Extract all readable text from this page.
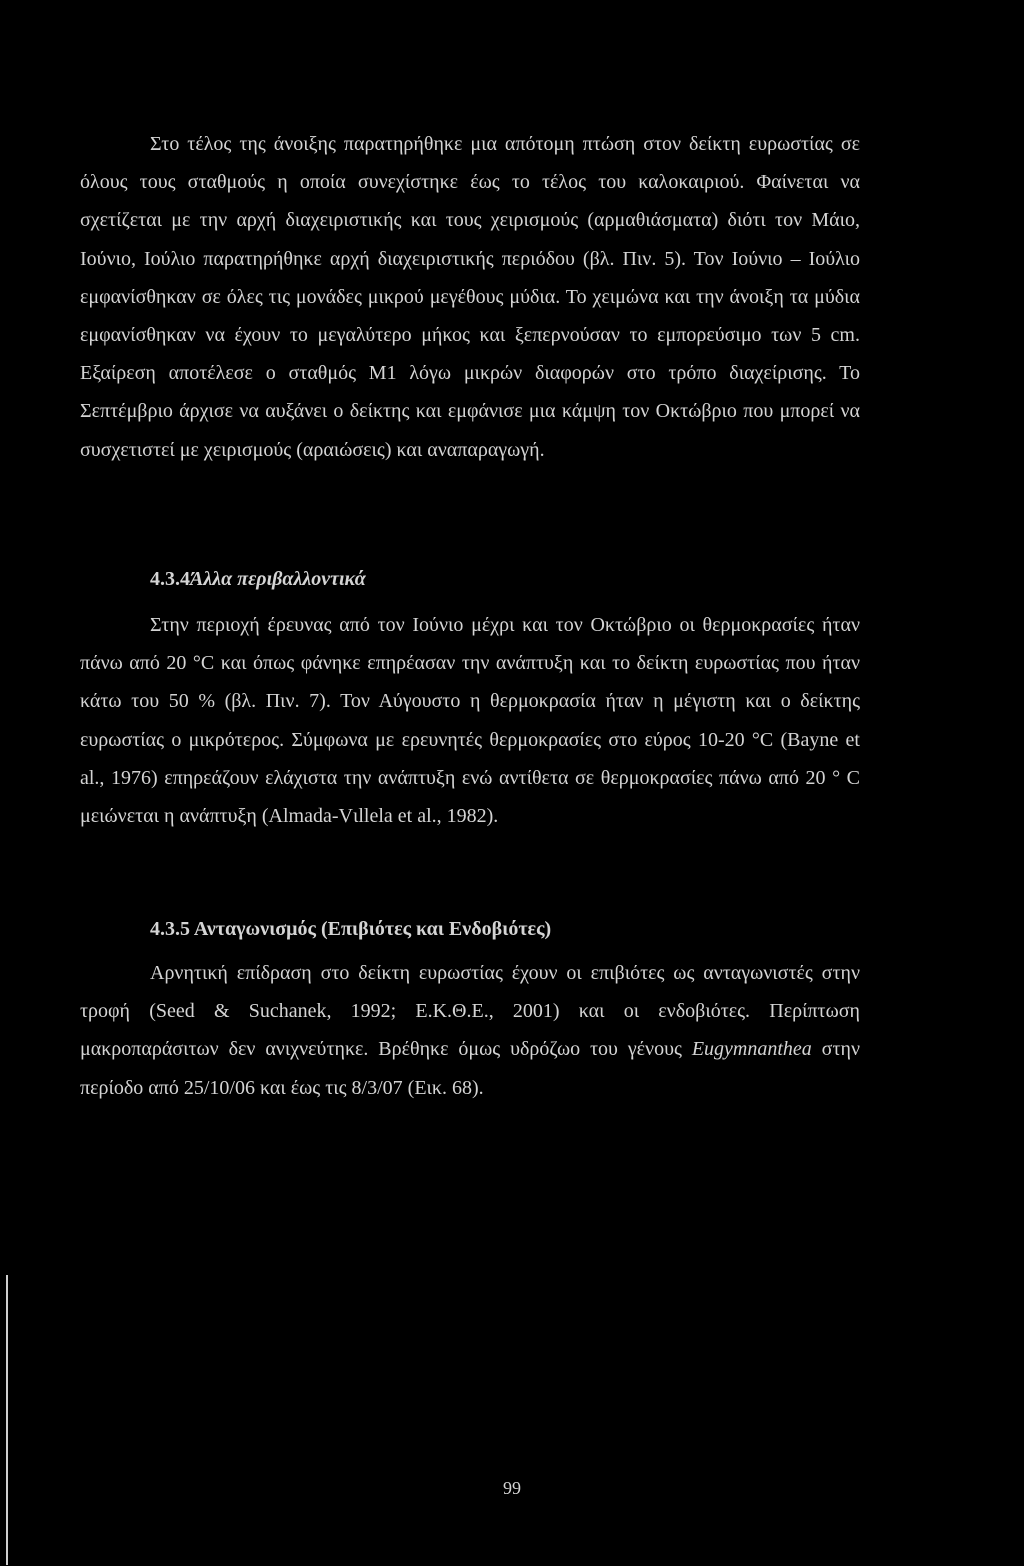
Στο τέλος της άνοιξης παρατηρήθηκε μια απότομη πτώση στον δείκτη ευρωστίας σε όλους τους σταθμούς η οποία συνεχίστηκε έως το τέλος του καλοκαιριού. Φαίνεται να σχετίζεται με την αρχή διαχειριστικής και τους χειρισμούς (αρμαθιάσματα) διότι τον Μάιο, Ιούνιο, Ιούλιο παρατηρήθηκε αρχή διαχειριστικής περιόδου (βλ. Πιν. 5). Τον Ιούνιο – Ιούλιο εμφανίσθηκαν σε όλες τις μονάδες μικρού μεγέθους μύδια. Το χειμώνα και την άνοιξη τα μύδια εμφανίσθηκαν να έχουν το μεγαλύτερο μήκος και ξεπερνούσαν το εμπορεύσιμο των 5 cm. Εξαίρεση αποτέλεσε ο σταθμός Μ1 λόγω μικρών διαφορών στο τρόπο διαχείρισης. Το Σεπτέμβριο άρχισε να αυξάνει ο δείκτης και εμφάνισε μια κάμψη τον Οκτώβριο που μπορεί να συσχετιστεί με χειρισμούς (αραιώσεις) και αναπαραγωγή.

4.3.4Άλλα περιβαλλοντικά

Στην περιοχή έρευνας από τον Ιούνιο μέχρι και τον Οκτώβριο οι θερμοκρασίες ήταν πάνω από 20 °C και όπως φάνηκε επηρέασαν την ανάπτυξη και το δείκτη ευρωστίας που ήταν κάτω του 50 % (βλ. Πιν. 7). Τον Αύγουστο η θερμοκρασία ήταν η μέγιστη και ο δείκτης ευρωστίας ο μικρότερος. Σύμφωνα με ερευνητές θερμοκρασίες στο εύρος 10-20 °C (Bayne et al., 1976) επηρεάζουν ελάχιστα την ανάπτυξη ενώ αντίθετα σε θερμοκρασίες πάνω από 20 ° C μειώνεται η ανάπτυξη (Almada-Vιllela et al., 1982).

4.3.5 Ανταγωνισμός (Επιβιότες και Ενδοβιότες)

Αρνητική επίδραση στο δείκτη ευρωστίας έχουν οι επιβιότες ως ανταγωνιστές στην τροφή (Seed & Suchanek, 1992; Ε.Κ.Θ.Ε., 2001) και οι ενδοβιότες. Περίπτωση μακροπαράσιτων δεν ανιχνεύτηκε. Βρέθηκε όμως υδρόζωο του γένους Eugymnanthea στην περίοδο από 25/10/06 και έως τις 8/3/07 (Εικ. 68).

99
